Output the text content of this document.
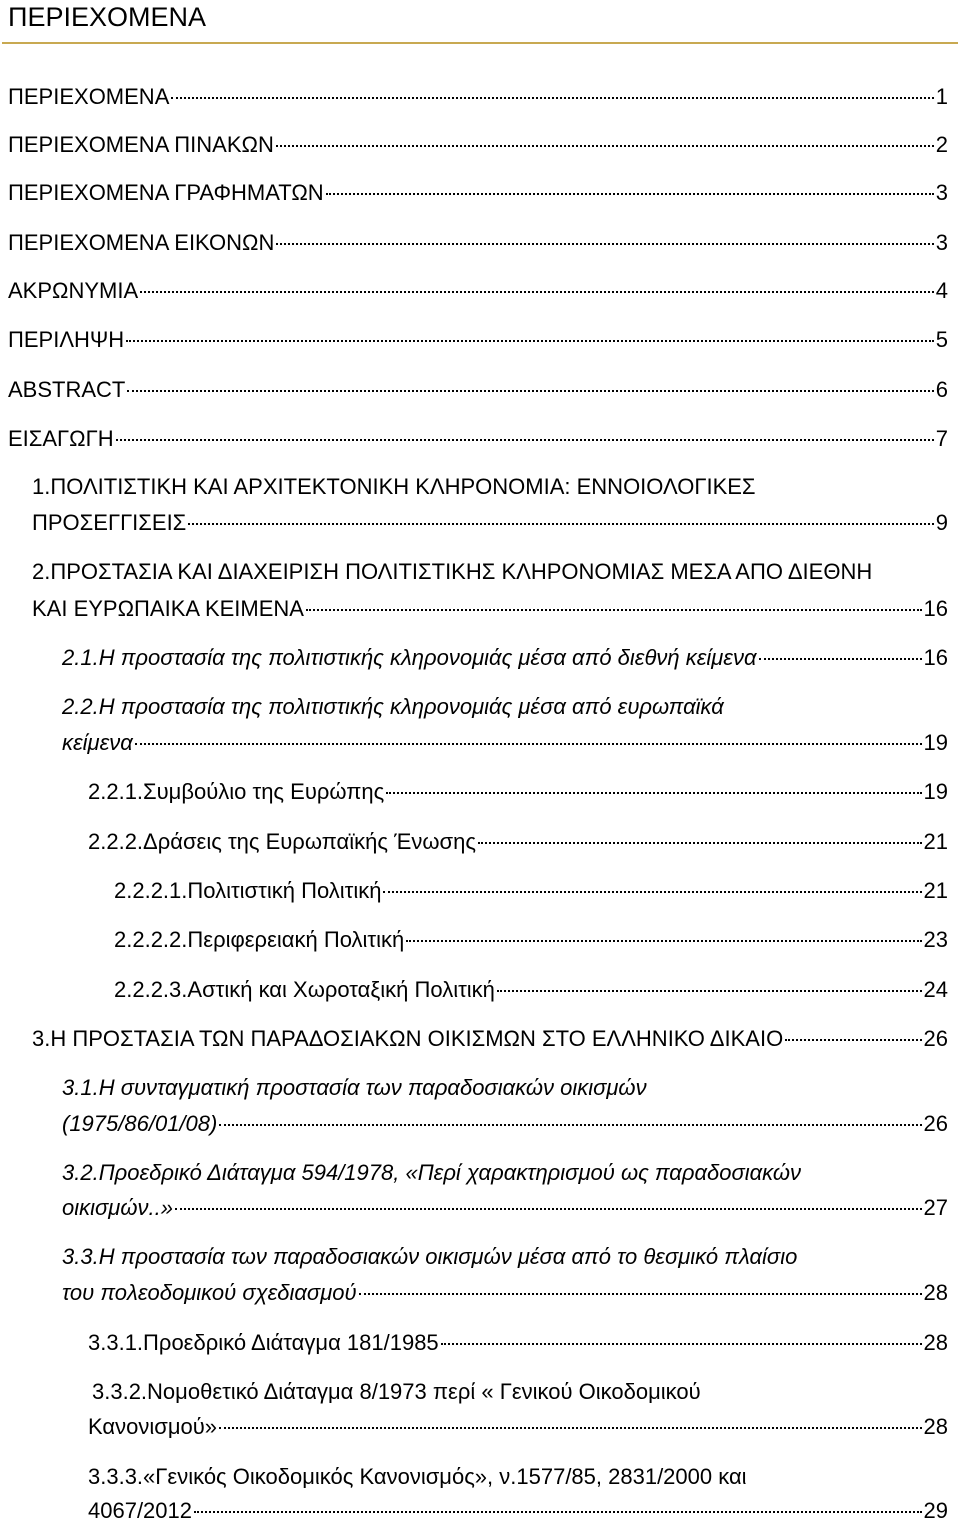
ΠΕΡΙΕΧΟΜΕΝΑ
ΠΕΡΙΕΧΟΜΕΝΑ	1
ΠΕΡΙΕΧΟΜΕΝΑ ΠΙΝΑΚΩΝ	2
ΠΕΡΙΕΧΟΜΕΝΑ ΓΡΑΦΗΜΑΤΩΝ	3
ΠΕΡΙΕΧΟΜΕΝΑ ΕΙΚΟΝΩΝ	3
ΑΚΡΩΝΥΜΙΑ	4
ΠΕΡΙΛΗΨΗ	5
ABSTRACT	6
ΕΙΣΑΓΩΓΗ	7
1.ΠΟΛΙΤΙΣΤΙΚΗ ΚΑΙ ΑΡΧΙΤΕΚΤΟΝΙΚΗ ΚΛΗΡΟΝΟΜΙΑ: ΕΝΝΟΙΟΛΟΓΙΚΕΣ
ΠΡΟΣΕΓΓΙΣΕΙΣ	9
2.ΠΡΟΣΤΑΣΙΑ ΚΑΙ ΔΙΑΧΕΙΡΙΣΗ ΠΟΛΙΤΙΣΤΙΚΗΣ ΚΛΗΡΟΝΟΜΙΑΣ ΜΕΣΑ ΑΠΟ ΔΙΕΘΝΗ
ΚΑΙ ΕΥΡΩΠΑΙΚΑ ΚΕΙΜΕΝΑ	16
2.1.Η προστασία της πολιτιστικής κληρονομιάς μέσα από διεθνή κείμενα	16
2.2.Η προστασία της πολιτιστικής κληρονομιάς μέσα από ευρωπαϊκά
κείμενα	19
2.2.1.Συμβούλιο της Ευρώπης	19
2.2.2.Δράσεις της Ευρωπαϊκής Ένωσης	21
2.2.2.1.Πολιτιστική Πολιτική	21
2.2.2.2.Περιφερειακή Πολιτική	23
2.2.2.3.Αστική και Χωροταξική Πολιτική	24
3.Η ΠΡΟΣΤΑΣΙΑ ΤΩΝ ΠΑΡΑΔΟΣΙΑΚΩΝ ΟΙΚΙΣΜΩΝ ΣΤΟ ΕΛΛΗΝΙΚΟ ΔΙΚΑΙΟ	26
3.1.Η συνταγματική προστασία των παραδοσιακών οικισμών
(1975/86/01/08)	26
3.2.Προεδρικό Διάταγμα 594/1978, «Περί χαρακτηρισμού ως παραδοσιακών
οικισμών..»	27
3.3.Η προστασία των παραδοσιακών οικισμών μέσα από το θεσμικό πλαίσιο
του πολεοδομικού σχεδιασμού	28
3.3.1.Προεδρικό Διάταγμα 181/1985	28
3.3.2.Νομοθετικό Διάταγμα 8/1973 περί « Γενικού Οικοδομικού
Κανονισμού»	28
3.3.3.«Γενικός Οικοδομικός Κανονισμός», ν.1577/85, 2831/2000 και
4067/2012	29
